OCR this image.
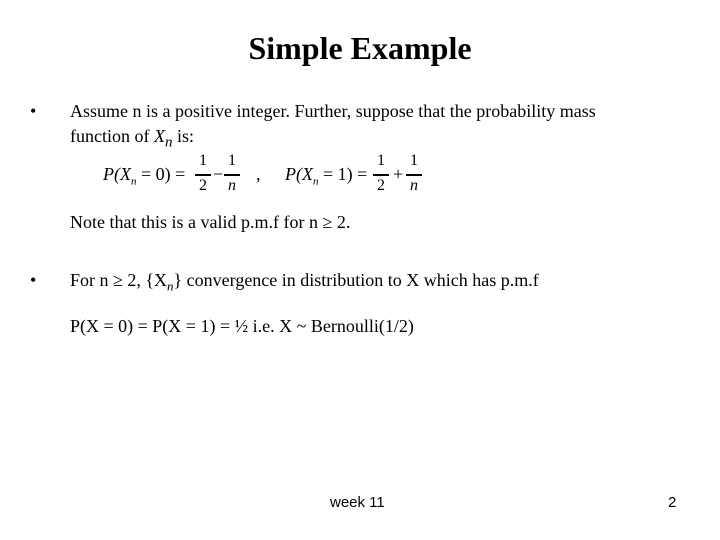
Simple Example
• Assume n is a positive integer. Further, suppose that the probability mass
function of $X_n$ is:
$P(X_n = 0)$ =
1
2
−
1
n
, $P(X_n = 1)$ =
1
2
+
1
n
Note that this is a valid p.m.f for n ≥ 2.
• For n ≥ 2, $\{X_n\}$ convergence in distribution to X which has p.m.f
P(X = 0) = P(X = 1) = ½ i.e. X ~ Bernoulli(1/2)
week 11	2
